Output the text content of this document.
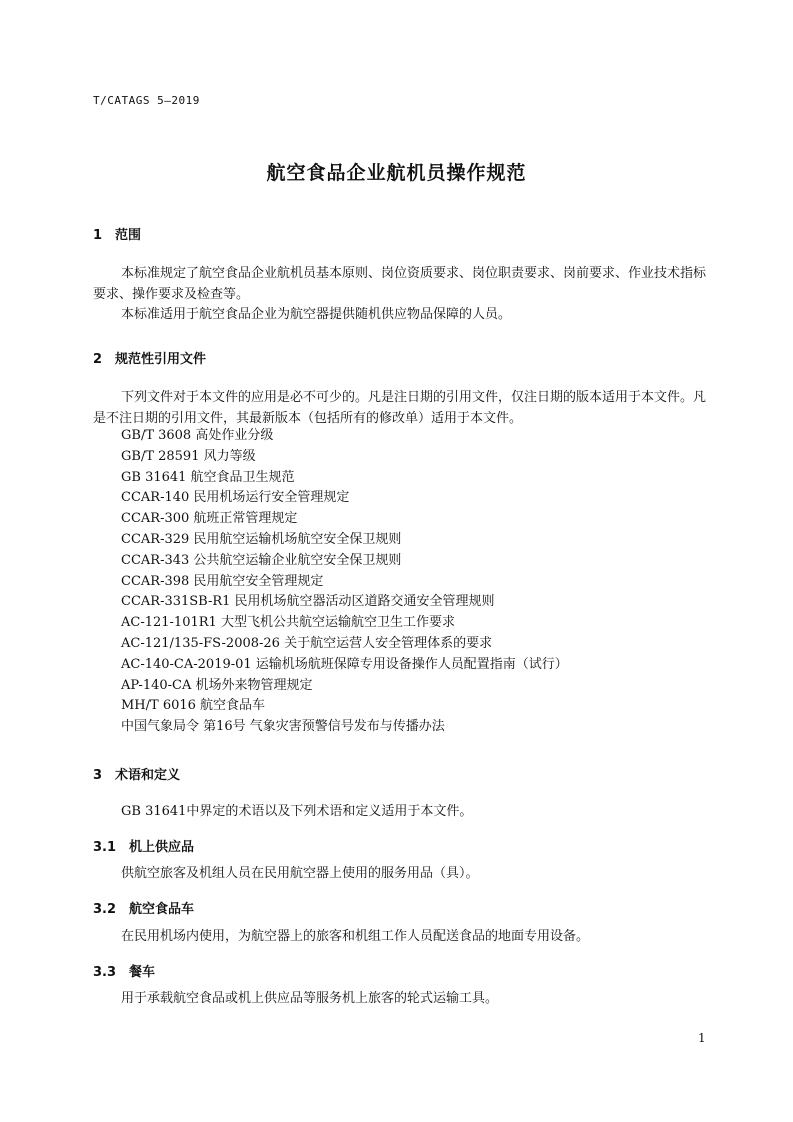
T/CATAGS 5—2019
航空食品企业航机员操作规范
1 范围
本标准规定了航空食品企业航机员基本原则、岗位资质要求、岗位职责要求、岗前要求、作业技术指标要求、操作要求及检查等。
本标准适用于航空食品企业为航空器提供随机供应物品保障的人员。
2 规范性引用文件
下列文件对于本文件的应用是必不可少的。凡是注日期的引用文件，仅注日期的版本适用于本文件。凡是不注日期的引用文件，其最新版本（包括所有的修改单）适用于本文件。
GB/T 3608 高处作业分级
GB/T 28591 风力等级
GB 31641 航空食品卫生规范
CCAR-140 民用机场运行安全管理规定
CCAR-300 航班正常管理规定
CCAR-329 民用航空运输机场航空安全保卫规则
CCAR-343 公共航空运输企业航空安全保卫规则
CCAR-398 民用航空安全管理规定
CCAR-331SB-R1 民用机场航空器活动区道路交通安全管理规则
AC-121-101R1 大型飞机公共航空运输航空卫生工作要求
AC-121/135-FS-2008-26 关于航空运营人安全管理体系的要求
AC-140-CA-2019-01 运输机场航班保障专用设备操作人员配置指南（试行）
AP-140-CA 机场外来物管理规定
MH/T 6016 航空食品车
中国气象局令 第16号 气象灾害预警信号发布与传播办法
3 术语和定义
GB 31641中界定的术语以及下列术语和定义适用于本文件。
3.1 机上供应品
供航空旅客及机组人员在民用航空器上使用的服务用品（具）。
3.2 航空食品车
在民用机场内使用，为航空器上的旅客和机组工作人员配送食品的地面专用设备。
3.3 餐车
用于承载航空食品或机上供应品等服务机上旅客的轮式运输工具。
1
